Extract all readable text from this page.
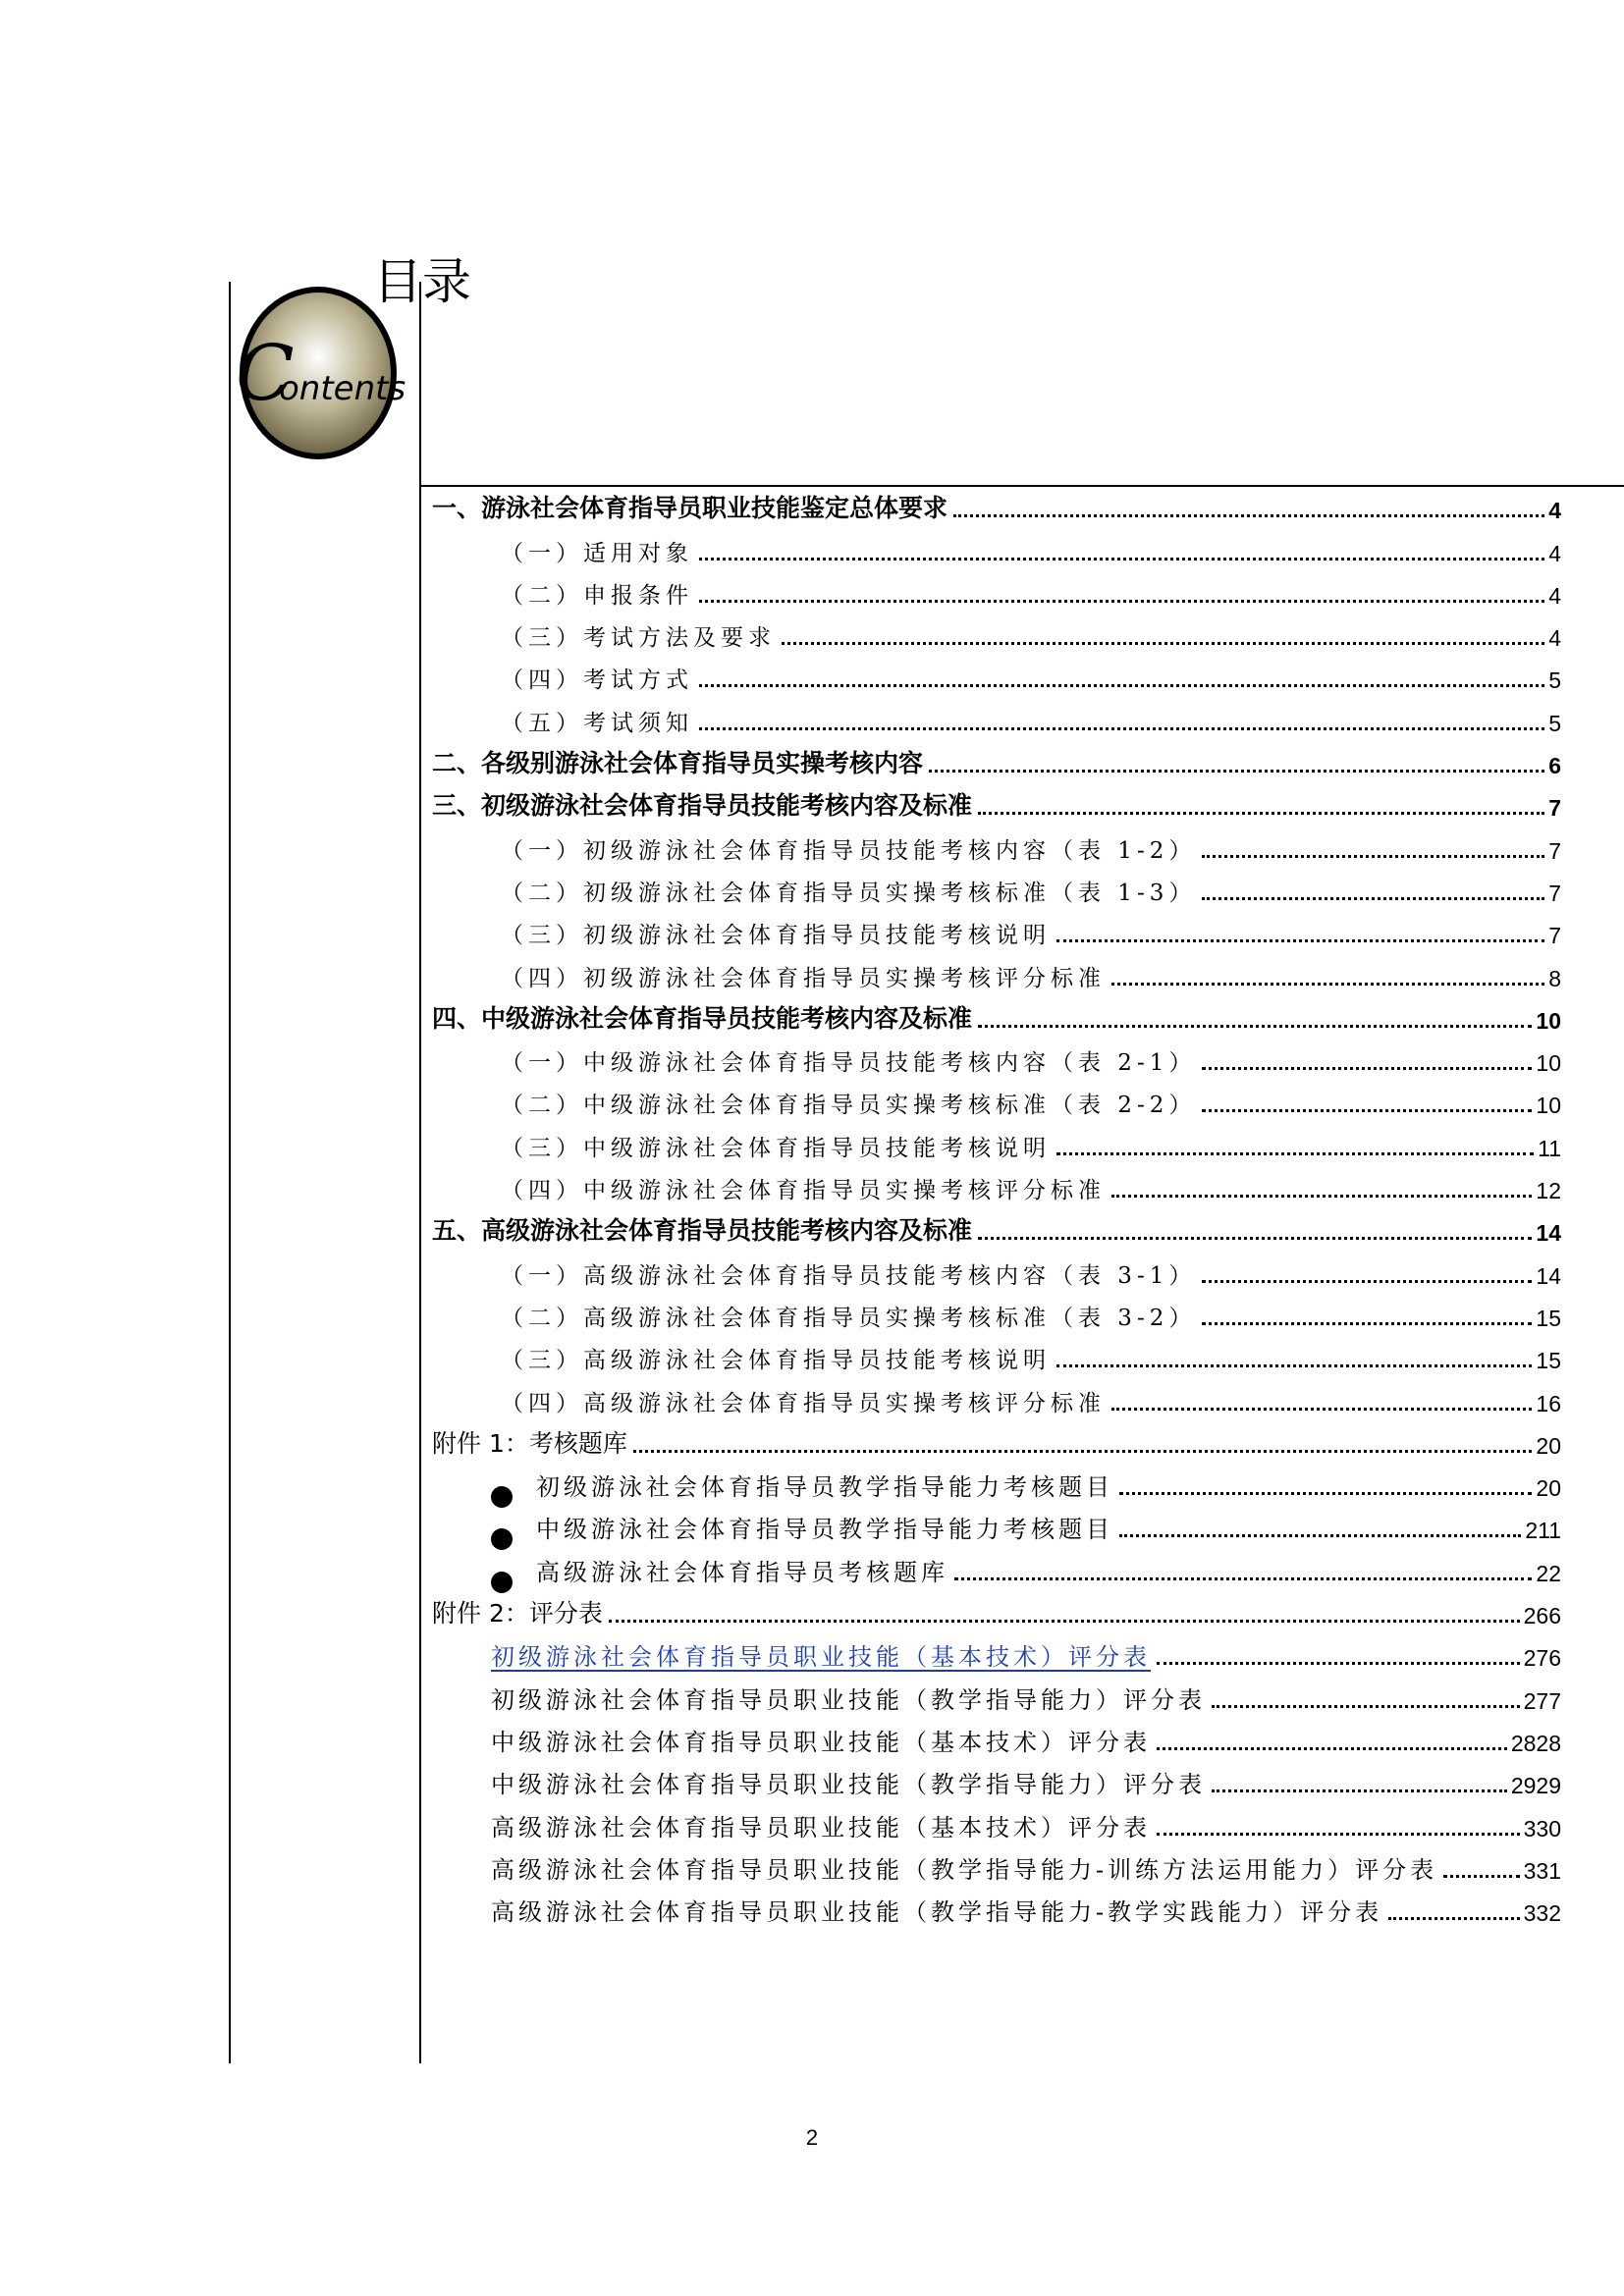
C
ontents
目录
一、游泳社会体育指导员职业技能鉴定总体要求	4
（一）适用对象	4
（二）申报条件	4
（三）考试方法及要求	4
（四）考试方式	5
（五）考试须知	5
二、各级别游泳社会体育指导员实操考核内容	6
三、初级游泳社会体育指导员技能考核内容及标准	7
（一）初级游泳社会体育指导员技能考核内容（表 1-2）	7
（二）初级游泳社会体育指导员实操考核标准（表 1-3）	7
（三）初级游泳社会体育指导员技能考核说明	7
（四）初级游泳社会体育指导员实操考核评分标准	8
四、中级游泳社会体育指导员技能考核内容及标准	10
（一）中级游泳社会体育指导员技能考核内容（表 2-1）	10
（二）中级游泳社会体育指导员实操考核标准（表 2-2）	10
（三）中级游泳社会体育指导员技能考核说明	11
（四）中级游泳社会体育指导员实操考核评分标准	12
五、高级游泳社会体育指导员技能考核内容及标准	14
（一）高级游泳社会体育指导员技能考核内容（表 3-1）	14
（二）高级游泳社会体育指导员实操考核标准（表 3-2）	15
（三）高级游泳社会体育指导员技能考核说明	15
（四）高级游泳社会体育指导员实操考核评分标准	16
附件 1：考核题库	20
初级游泳社会体育指导员教学指导能力考核题目	20
中级游泳社会体育指导员教学指导能力考核题目	211
高级游泳社会体育指导员考核题库	22
附件 2：评分表	266
初级游泳社会体育指导员职业技能（基本技术）评分表	276
初级游泳社会体育指导员职业技能（教学指导能力）评分表	277
中级游泳社会体育指导员职业技能（基本技术）评分表	2828
中级游泳社会体育指导员职业技能（教学指导能力）评分表	2929
高级游泳社会体育指导员职业技能（基本技术）评分表	330
高级游泳社会体育指导员职业技能（教学指导能力-训练方法运用能力）评分表	331
高级游泳社会体育指导员职业技能（教学指导能力-教学实践能力）评分表	332
2
